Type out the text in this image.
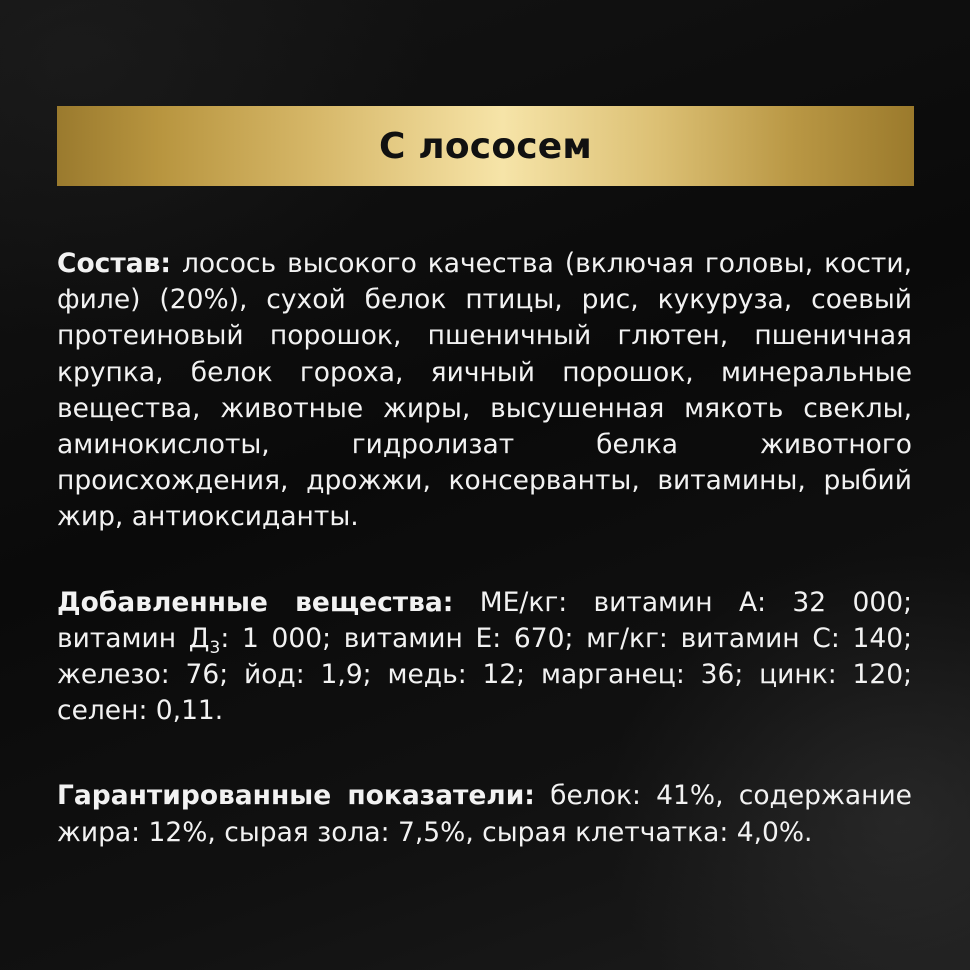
С лососем

Состав: лосось высокого качества (включая головы, кости, филе) (20%), сухой белок птицы, рис, кукуруза, соевый протеиновый порошок, пшеничный глютен, пшеничная крупка, белок гороха, яичный порошок, минеральные вещества, животные жиры, высушенная мякоть свеклы, аминокислоты, гидролизат белка животного происхождения, дрожжи, консерванты, витамины, рыбий жир, антиоксиданты.

Добавленные вещества: МЕ/кг: витамин А: 32 000; витамин $Д_3$: 1 000; витамин Е: 670; мг/кг: витамин С: 140; железо: 76; йод: 1,9; медь: 12; марганец: 36; цинк: 120; селен: 0,11.

Гарантированные показатели: белок: 41%, содержание жира: 12%, сырая зола: 7,5%, сырая клетчатка: 4,0%.
